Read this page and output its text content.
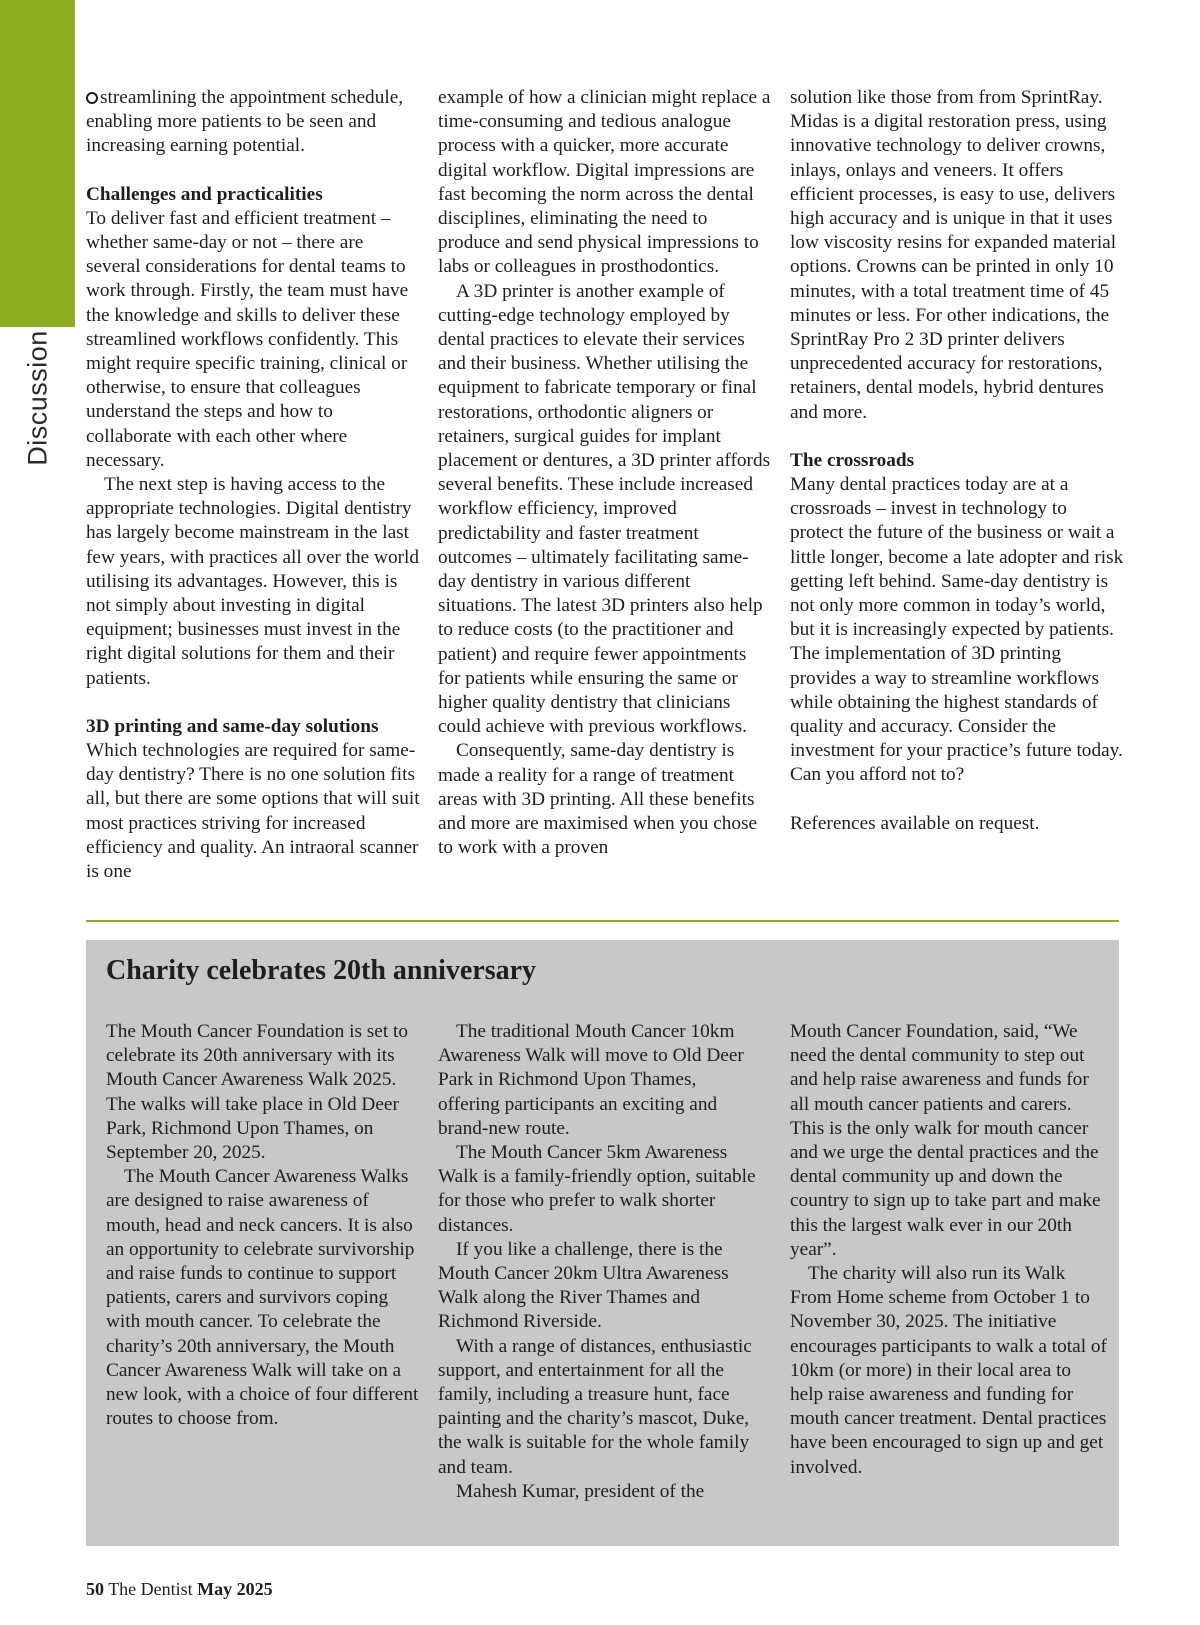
Discussion

streamlining the appointment schedule, enabling more patients to be seen and increasing earning potential.

Challenges and practicalities

To deliver fast and efficient treatment – whether same-day or not – there are several considerations for dental teams to work through. Firstly, the team must have the knowledge and skills to deliver these streamlined workflows confidently. This might require specific training, clinical or otherwise, to ensure that colleagues understand the steps and how to collaborate with each other where necessary.

The next step is having access to the appropriate technologies. Digital dentistry has largely become mainstream in the last few years, with practices all over the world utilising its advantages. However, this is not simply about investing in digital equipment; businesses must invest in the right digital solutions for them and their patients.

3D printing and same-day solutions

Which technologies are required for same-day dentistry? There is no one solution fits all, but there are some options that will suit most practices striving for increased efficiency and quality. An intraoral scanner is one

example of how a clinician might replace a time-consuming and tedious analogue process with a quicker, more accurate digital workflow. Digital impressions are fast becoming the norm across the dental disciplines, eliminating the need to produce and send physical impressions to labs or colleagues in prosthodontics.

A 3D printer is another example of cutting-edge technology employed by dental practices to elevate their services and their business. Whether utilising the equipment to fabricate temporary or final restorations, orthodontic aligners or retainers, surgical guides for implant placement or dentures, a 3D printer affords several benefits. These include increased workflow efficiency, improved predictability and faster treatment outcomes – ultimately facilitating same-day dentistry in various different situations. The latest 3D printers also help to reduce costs (to the practitioner and patient) and require fewer appointments for patients while ensuring the same or higher quality dentistry that clinicians could achieve with previous workflows.

Consequently, same-day dentistry is made a reality for a range of treatment areas with 3D printing. All these benefits and more are maximised when you chose to work with a proven

solution like those from from SprintRay. Midas is a digital restoration press, using innovative technology to deliver crowns, inlays, onlays and veneers. It offers efficient processes, is easy to use, delivers high accuracy and is unique in that it uses low viscosity resins for expanded material options. Crowns can be printed in only 10 minutes, with a total treatment time of 45 minutes or less. For other indications, the SprintRay Pro 2 3D printer delivers unprecedented accuracy for restorations, retainers, dental models, hybrid dentures and more.

The crossroads

Many dental practices today are at a crossroads – invest in technology to protect the future of the business or wait a little longer, become a late adopter and risk getting left behind. Same-day dentistry is not only more common in today’s world, but it is increasingly expected by patients. The implementation of 3D printing provides a way to streamline workflows while obtaining the highest standards of quality and accuracy. Consider the investment for your practice’s future today. Can you afford not to?

References available on request.

Charity celebrates 20th anniversary

The Mouth Cancer Foundation is set to celebrate its 20th anniversary with its Mouth Cancer Awareness Walk 2025. The walks will take place in Old Deer Park, Richmond Upon Thames, on September 20, 2025.

The Mouth Cancer Awareness Walks are designed to raise awareness of mouth, head and neck cancers. It is also an opportunity to celebrate survivorship and raise funds to continue to support patients, carers and survivors coping with mouth cancer. To celebrate the charity’s 20th anniversary, the Mouth Cancer Awareness Walk will take on a new look, with a choice of four different routes to choose from.

The traditional Mouth Cancer 10km Awareness Walk will move to Old Deer Park in Richmond Upon Thames, offering participants an exciting and brand-new route.

The Mouth Cancer 5km Awareness Walk is a family-friendly option, suitable for those who prefer to walk shorter distances.

If you like a challenge, there is the Mouth Cancer 20km Ultra Awareness Walk along the River Thames and Richmond Riverside.

With a range of distances, enthusiastic support, and entertainment for all the family, including a treasure hunt, face painting and the charity’s mascot, Duke, the walk is suitable for the whole family and team.

Mahesh Kumar, president of the

Mouth Cancer Foundation, said, “We need the dental community to step out and help raise awareness and funds for all mouth cancer patients and carers. This is the only walk for mouth cancer and we urge the dental practices and the dental community up and down the country to sign up to take part and make this the largest walk ever in our 20th year”.

The charity will also run its Walk From Home scheme from October 1 to November 30, 2025. The initiative encourages participants to walk a total of 10km (or more) in their local area to help raise awareness and funding for mouth cancer treatment. Dental practices have been encouraged to sign up and get involved.

50 The Dentist May 2025
